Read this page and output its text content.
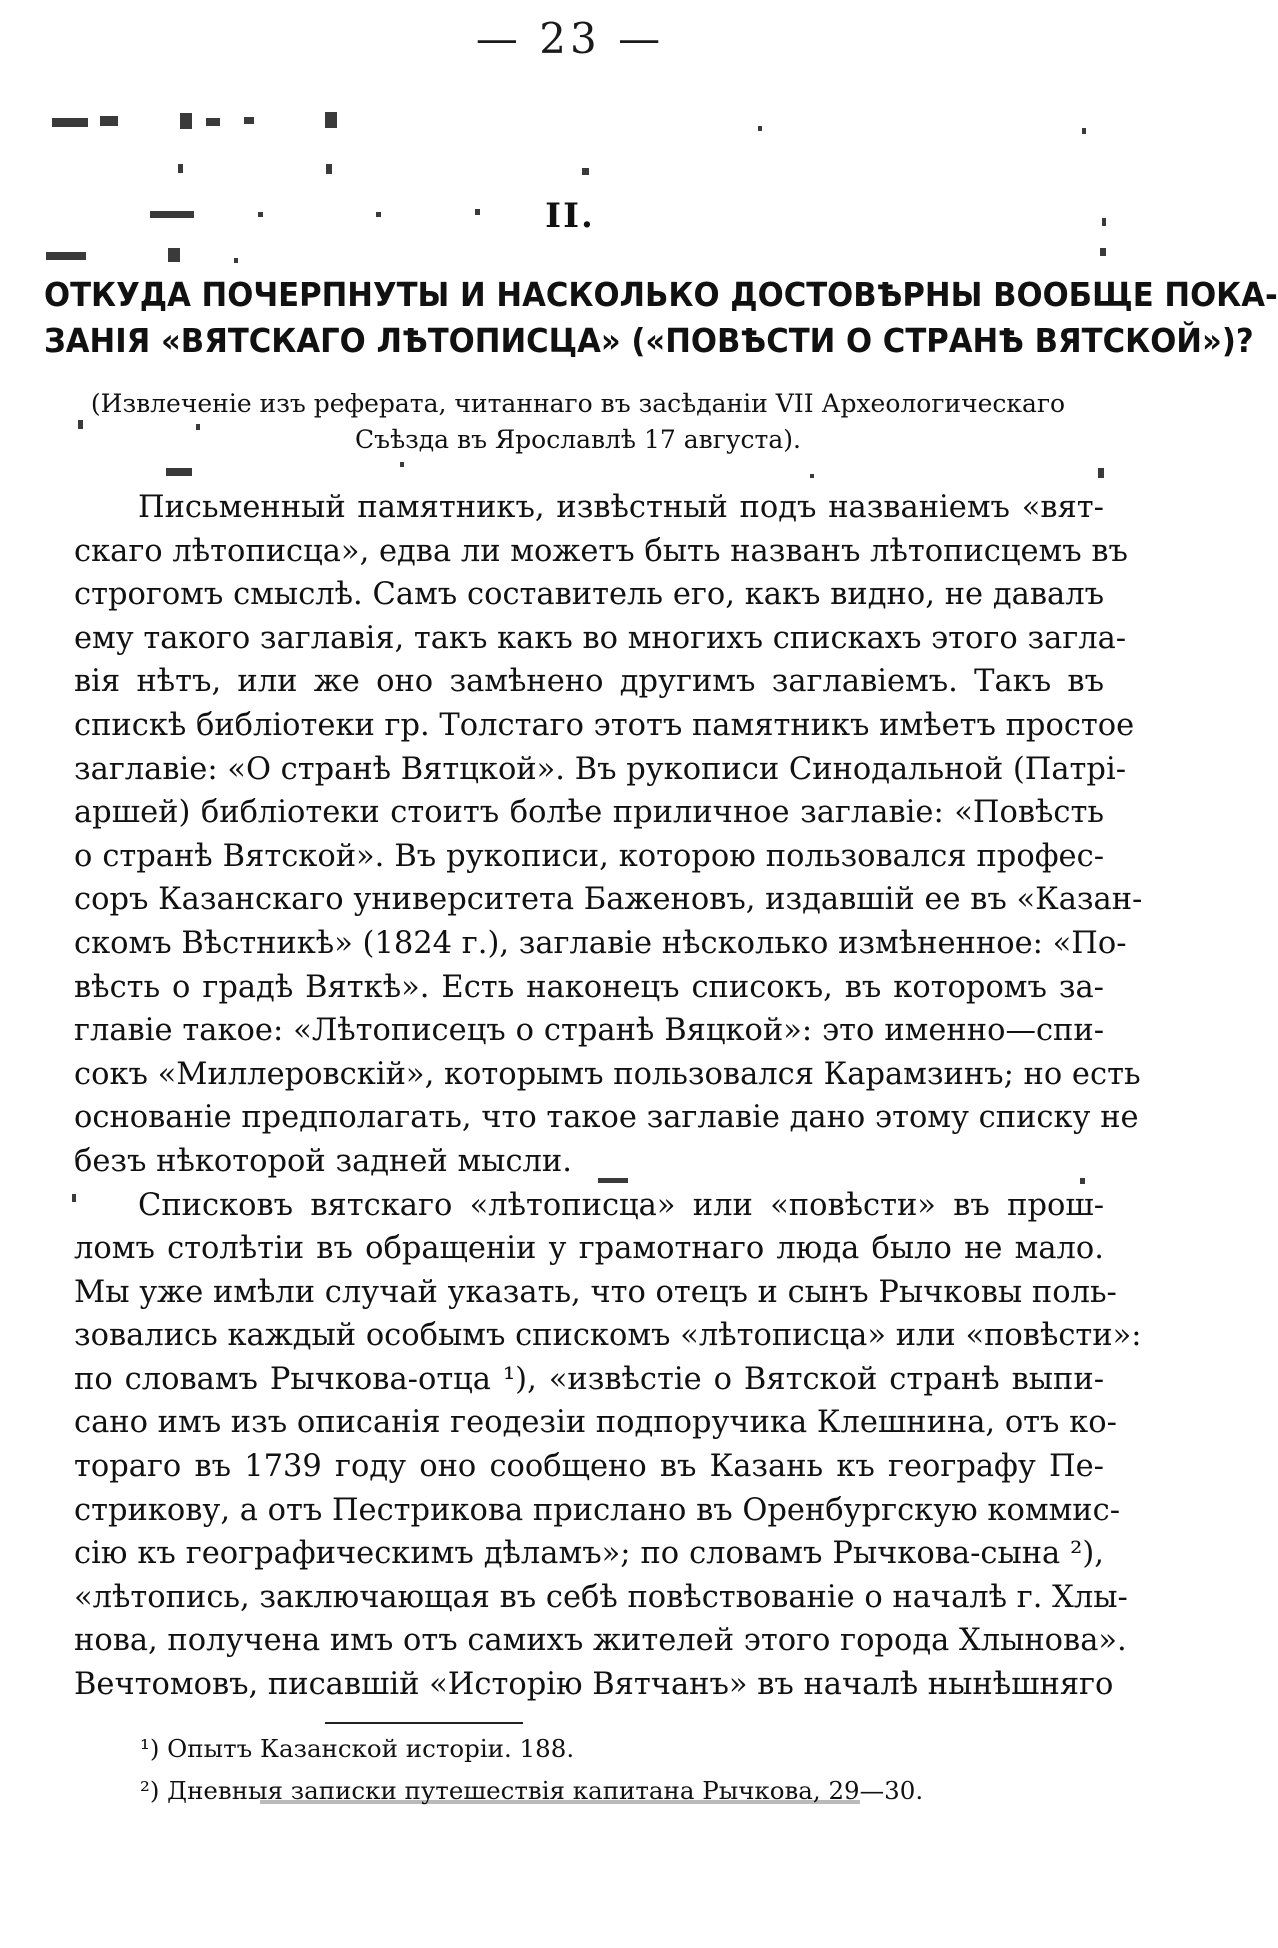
— 23 —
II.
ОТКУДА ПОЧЕРПНУТЫ И НАСКОЛЬКО ДОСТОВѢРНЫ ВООБЩЕ ПОКА-
ЗАНІЯ «ВЯТСКАГО ЛѢТОПИСЦА» («ПОВѢСТИ О СТРАНѢ ВЯТСКОЙ»)?
(Извлеченіе изъ реферата, читаннаго въ засѣданіи VII Археологическаго
Съѣзда въ Ярославлѣ 17 августа).
Письменный памятникъ, извѣстный подъ названіемъ «вят-
скаго лѣтописца», едва ли можетъ быть названъ лѣтописцемъ въ
строгомъ смыслѣ. Самъ составитель его, какъ видно, не давалъ
ему такого заглавія, такъ какъ во многихъ спискахъ этого загла-
вія нѣтъ, или же оно замѣнено другимъ заглавіемъ. Такъ въ
спискѣ библіотеки гр. Толстаго этотъ памятникъ имѣетъ простое
заглавіе: «О странѣ Вятцкой». Въ рукописи Синодальной (Патрі-
аршей) библіотеки стоитъ болѣе приличное заглавіе: «Повѣсть
о странѣ Вятской». Въ рукописи, которою пользовался профес-
соръ Казанскаго университета Баженовъ, издавшій ее въ «Казан-
скомъ Вѣстникѣ» (1824 г.), заглавіе нѣсколько измѣненное: «По-
вѣсть о градѣ Вяткѣ». Есть наконецъ списокъ, въ которомъ за-
главіе такое: «Лѣтописецъ о странѣ Вяцкой»: это именно—спи-
сокъ «Миллеровскій», которымъ пользовался Карамзинъ; но есть
основаніе предполагать, что такое заглавіе дано этому списку не
безъ нѣкоторой задней мысли.
Списковъ вятскаго «лѣтописца» или «повѣсти» въ прош-
ломъ столѣтіи въ обращеніи у грамотнаго люда было не мало.
Мы уже имѣли случай указать, что отецъ и сынъ Рычковы поль-
зовались каждый особымъ спискомъ «лѣтописца» или «повѣсти»:
по словамъ Рычкова-отца ¹), «извѣстіе о Вятской странѣ выпи-
сано имъ изъ описанія геодезіи подпоручика Клешнина, отъ ко-
тораго въ 1739 году оно сообщено въ Казань къ географу Пе-
стрикову, а отъ Пестрикова прислано въ Оренбургскую коммис-
сію къ географическимъ дѣламъ»; по словамъ Рычкова-сына ²),
«лѣтопись, заключающая въ себѣ повѣствованіе о началѣ г. Хлы-
нова, получена имъ отъ самихъ жителей этого города Хлынова».
Вечтомовъ, писавшій «Исторію Вятчанъ» въ началѣ нынѣшняго
¹) Опытъ Казанской исторіи. 188.
²) Дневныя записки путешествія капитана Рычкова, 29—30.
